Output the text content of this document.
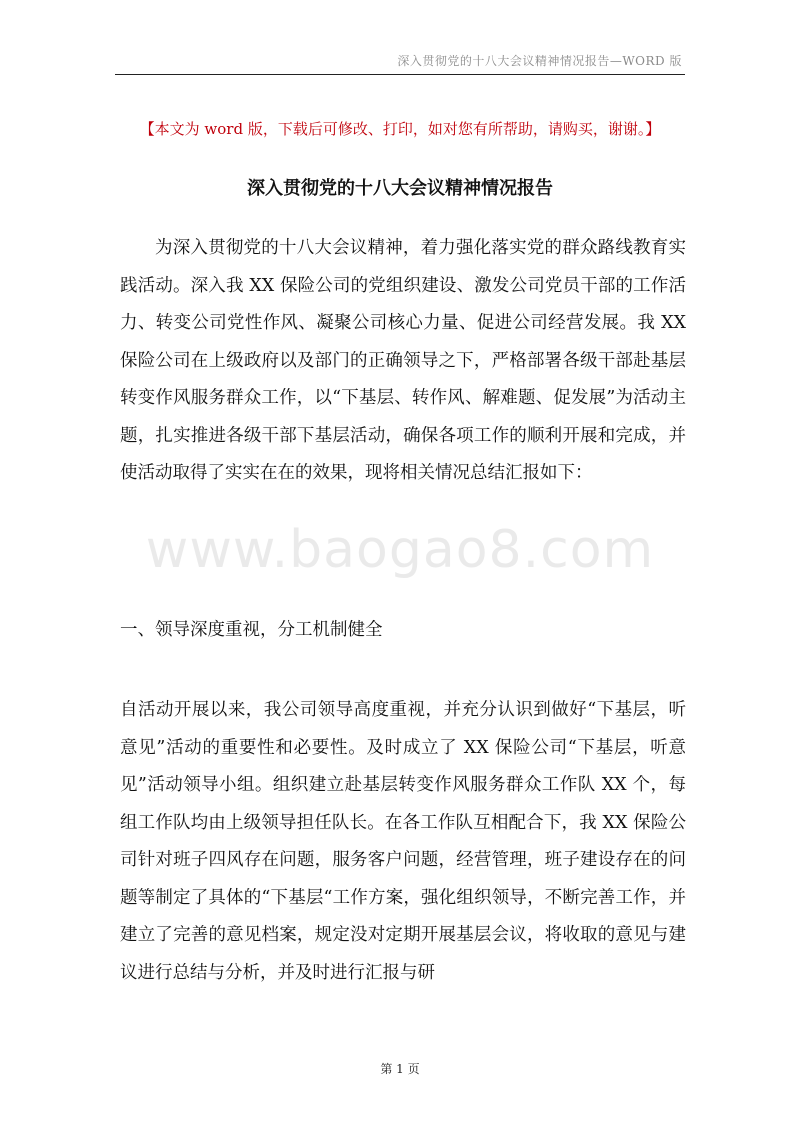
深入贯彻党的十八大会议精神情况报告—WORD 版
【本文为 word 版，下载后可修改、打印，如对您有所帮助，请购买，谢谢。】
深入贯彻党的十八大会议精神情况报告

为深入贯彻党的十八大会议精神，着力强化落实党的群众路线教育实践活动。深入我 XX 保险公司的党组织建设、激发公司党员干部的工作活力、转变公司党性作风、凝聚公司核心力量、促进公司经营发展。我 XX 保险公司在上级政府以及部门的正确领导之下，严格部署各级干部赴基层转变作风服务群众工作，以“下基层、转作风、解难题、促发展”为活动主题，扎实推进各级干部下基层活动，确保各项工作的顺利开展和完成，并使活动取得了实实在在的效果，现将相关情况总结汇报如下：

www.baogao8.com
一、领导深度重视，分工机制健全

自活动开展以来，我公司领导高度重视，并充分认识到做好“下基层，听意见”活动的重要性和必要性。及时成立了 XX 保险公司“下基层，听意见”活动领导小组。组织建立赴基层转变作风服务群众工作队 XX 个，每组工作队均由上级领导担任队长。在各工作队互相配合下，我 XX 保险公司针对班子四风存在问题，服务客户问题，经营管理，班子建设存在的问题等制定了具体的“下基层“工作方案，强化组织领导，不断完善工作，并建立了完善的意见档案，规定没对定期开展基层会议，将收取的意见与建议进行总结与分析，并及时进行汇报与研

第 1 页
